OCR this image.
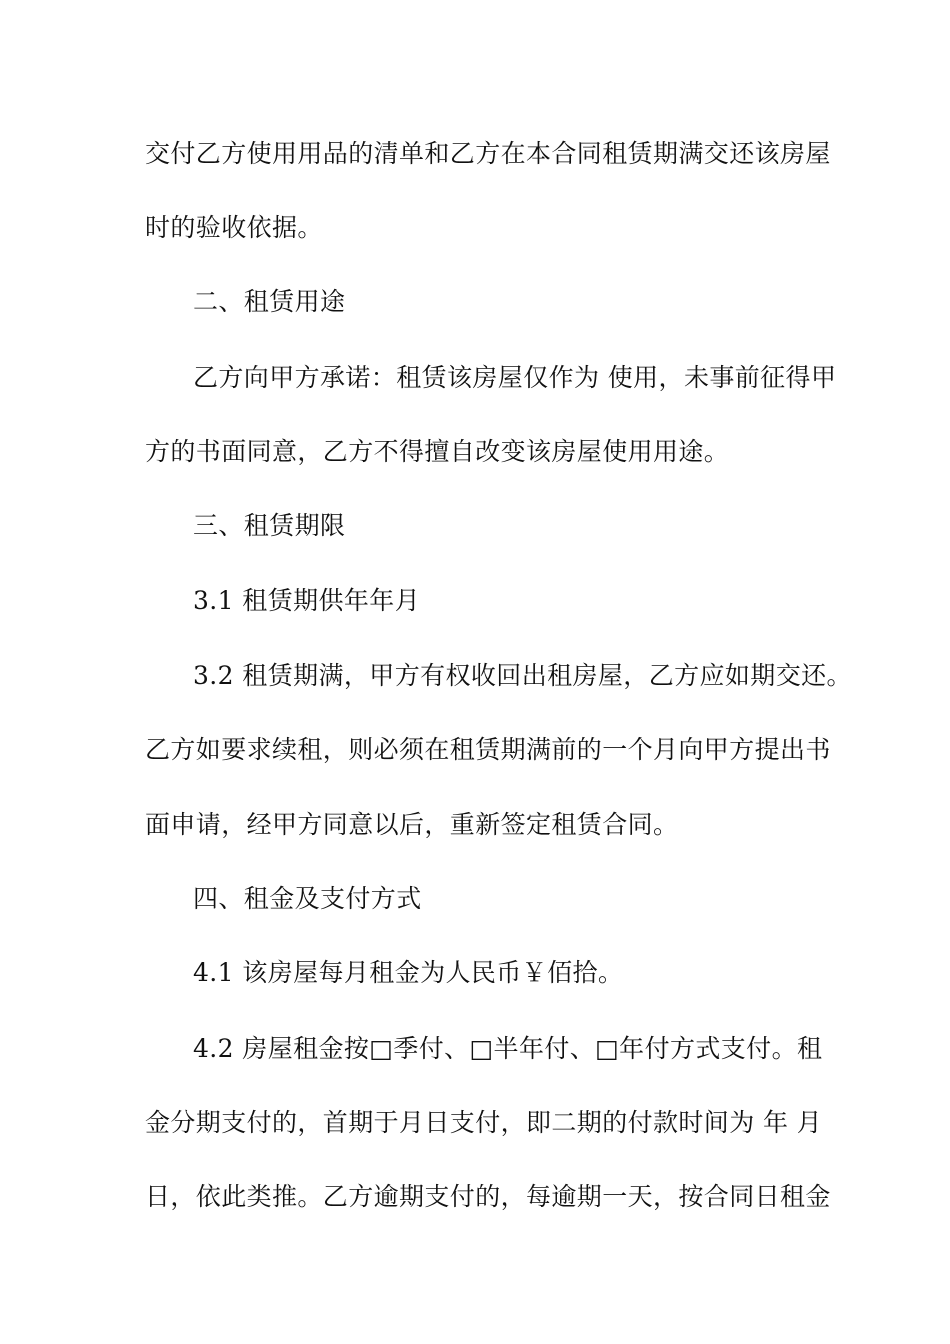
交付乙方使用用品的清单和乙方在本合同租赁期满交还该房屋
时的验收依据。
二、租赁用途
乙方向甲方承诺：租赁该房屋仅作为 使用，未事前征得甲
方的书面同意，乙方不得擅自改变该房屋使用用途。
三、租赁期限
3.1 租赁期供年年月
3.2 租赁期满，甲方有权收回出租房屋，乙方应如期交还。
乙方如要求续租，则必须在租赁期满前的一个月向甲方提出书
面申请，经甲方同意以后，重新签定租赁合同。
四、租金及支付方式
4.1 该房屋每月租金为人民币￥佰拾。
4.2 房屋租金按□季付、□半年付、□年付方式支付。租
金分期支付的，首期于月日支付，即二期的付款时间为 年 月
日，依此类推。乙方逾期支付的，每逾期一天，按合同日租金
